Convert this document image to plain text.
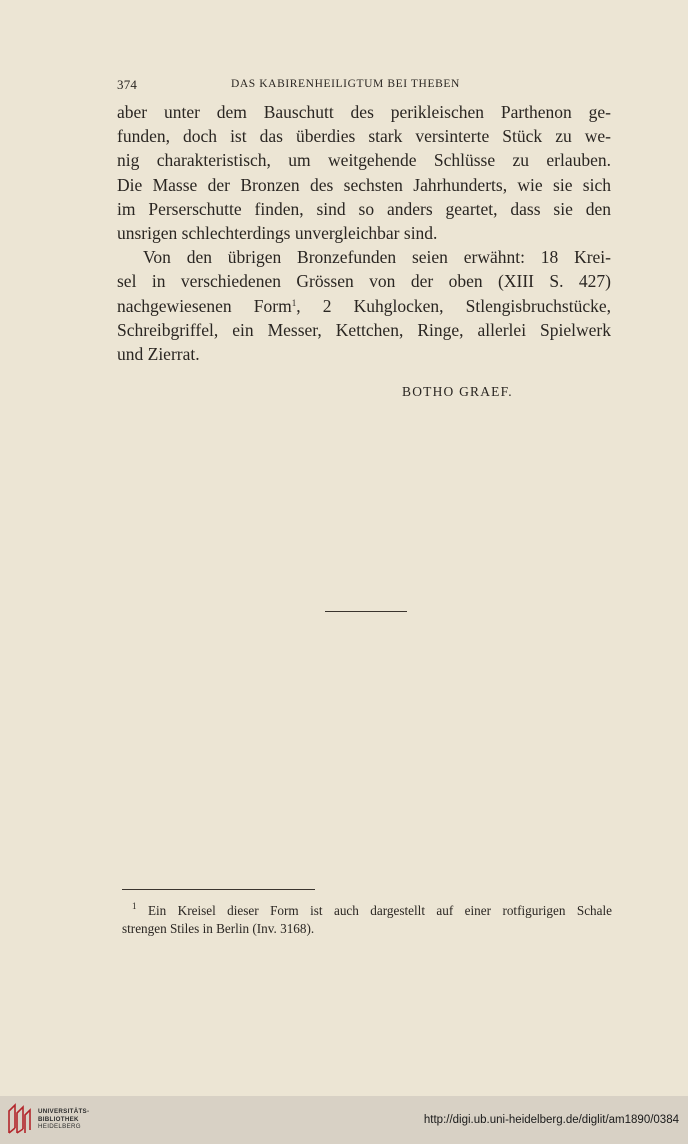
374	DAS KABIRENHEILIGTUM BEI THEBEN
aber unter dem Bauschutt des perikleischen Parthenon ge-
funden, doch ist das überdies stark versinterte Stück zu we-
nig charakteristisch, um weitgehende Schlüsse zu erlauben.
Die Masse der Bronzen des sechsten Jahrhunderts, wie sie sich
im Perserschutte finden, sind so anders geartet, dass sie den
unsrigen schlechterdings unvergleichbar sind.
Von den übrigen Bronzefunden seien erwähnt: 18 Krei-
sel in verschiedenen Grössen von der oben (XIII S. 427)
nachgewiesenen Form$^1$, 2 Kuhglocken, Stlengisbruchstücke,
Schreibgriffel, ein Messer, Kettchen, Ringe, allerlei Spielwerk
und Zierrat.
BOTHO GRAEF.
$^1$ Ein Kreisel dieser Form ist auch dargestellt auf einer rotfigurigen Schale
strengen Stiles in Berlin (Inv. 3168).
UNIVERSITÄTS-
BIBLIOTHEK
HEIDELBERG
http://digi.ub.uni-heidelberg.de/diglit/am1890/0384
